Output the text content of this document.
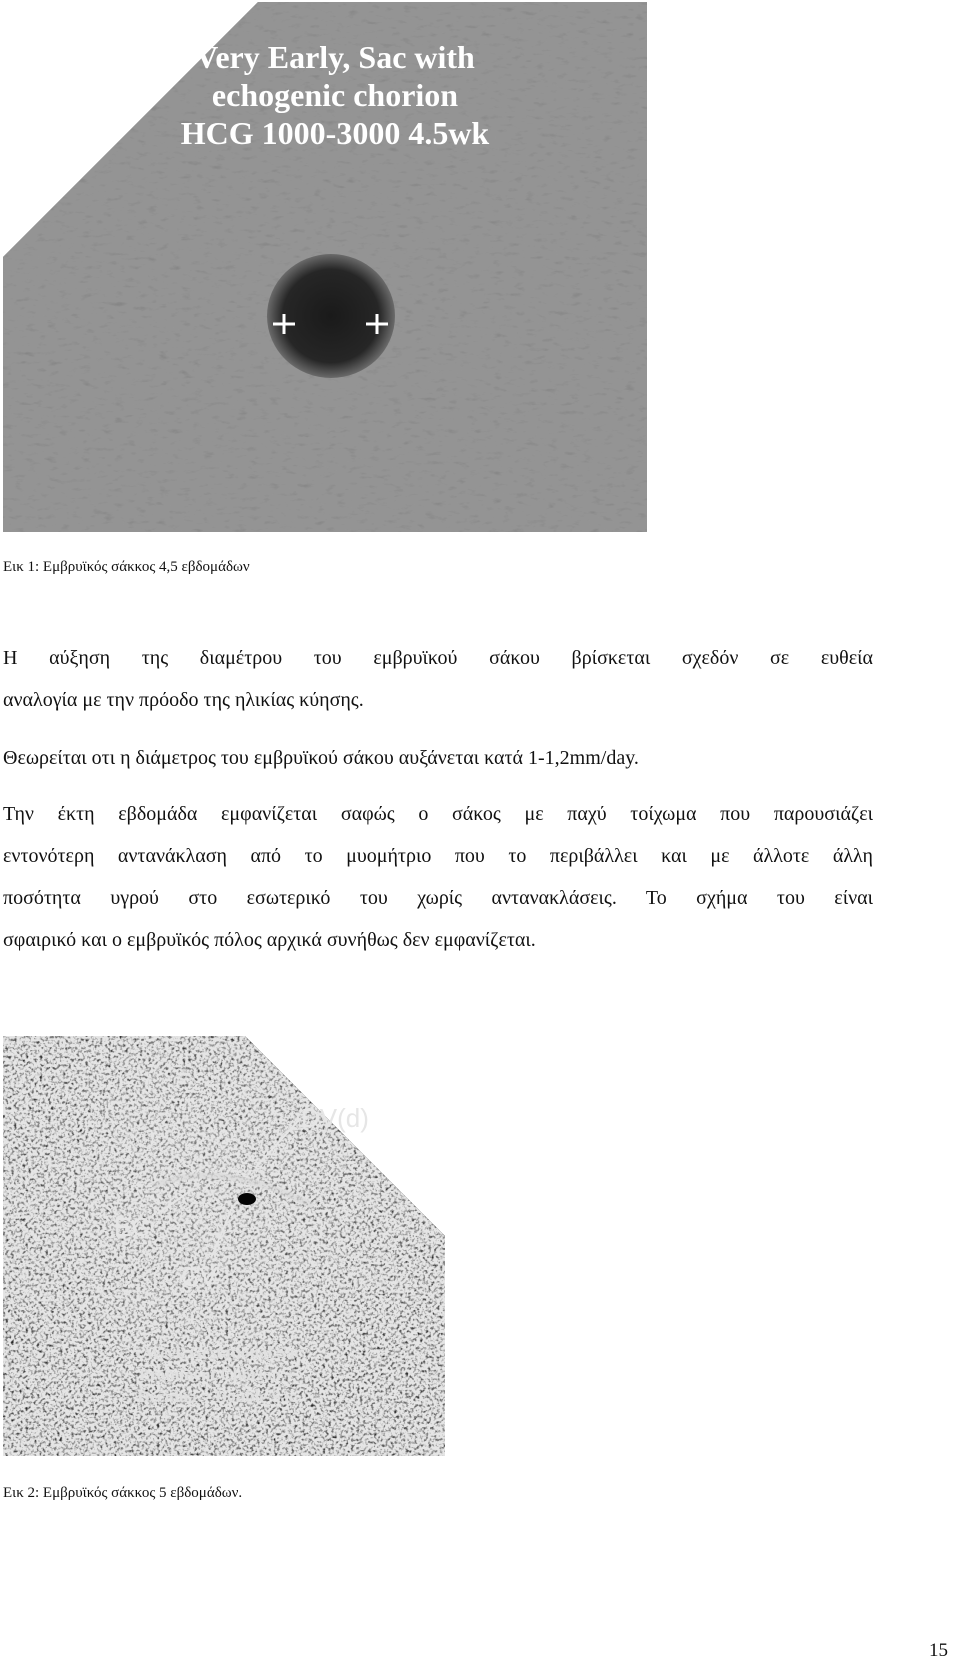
Very Early, Sac with
echogenic chorion
HCG 1000-3000 4.5wk
Εικ 1: Εμβρυϊκός σάκκος 4,5 εβδομάδων
Η αύξηση της διαμέτρου του εμβρυϊκού σάκου βρίσκεται σχεδόν σε ευθεία
αναλογία με την πρόοδο της ηλικίας κύησης.
Θεωρείται οτι η διάμετρος του εμβρυϊκού σάκου αυξάνεται κατά 1-1,2mm/day.
Την έκτη εβδομάδα εμφανίζεται σαφώς ο σάκος με παχύ τοίχωμα που παρουσιάζει
εντονότερη αντανάκλαση από το μυομήτριο που το περιβάλλει και με άλλοτε άλλη
ποσότητα υγρού στο εσωτερικό του χωρίς αντανακλάσεις. Το σχήμα του είναι
σφαιρικό και ο εμβρυϊκός πόλος αρχικά συνήθως δεν εμφανίζεται.
DV(d)
EC
CV
5 Week Gestational Sac
Prominent Chorion +
Decidua = Double Sac
Εικ 2: Εμβρυϊκός σάκκος 5 εβδομάδων.
15
